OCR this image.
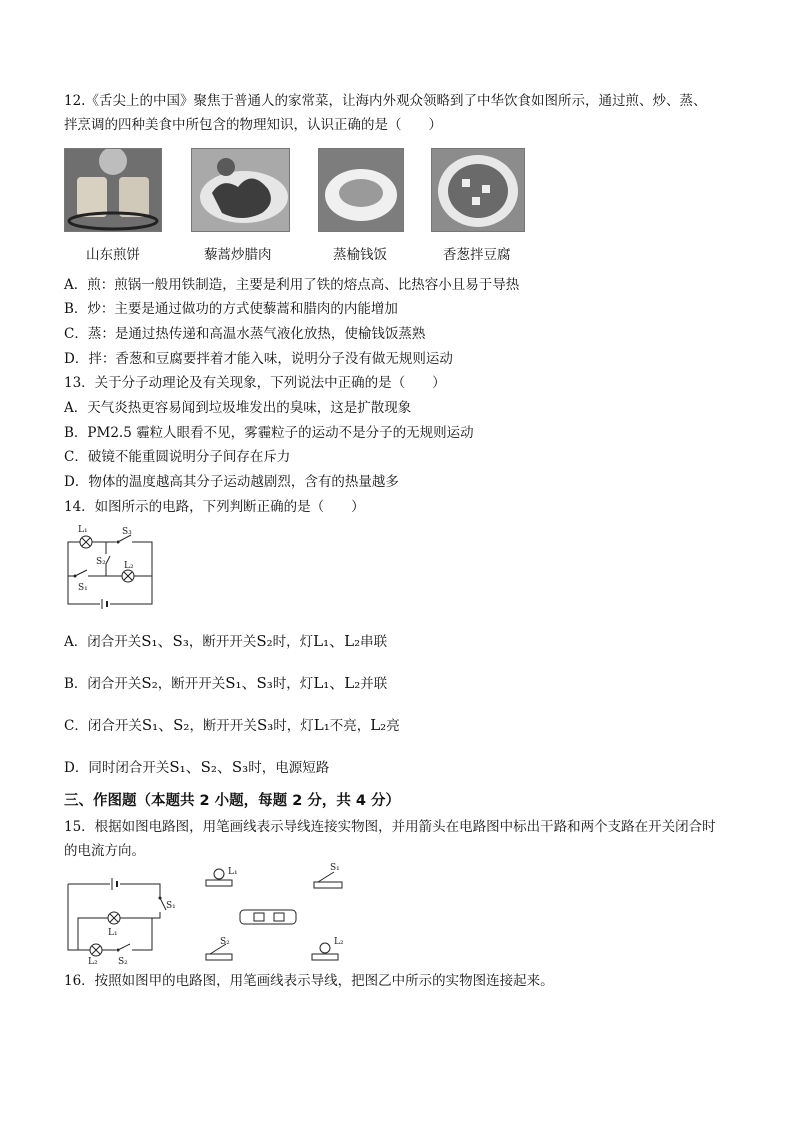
12.《舌尖上的中国》聚焦于普通人的家常菜，让海内外观众领略到了中华饮食如图所示，通过煎、炒、蒸、
拌烹调的四种美食中所包含的物理知识，认识正确的是（　　）
山东煎饼	藜蒿炒腊肉	蒸榆钱饭	香葱拌豆腐
A．煎：煎锅一般用铁制造，主要是利用了铁的熔点高、比热容小且易于导热
B．炒：主要是通过做功的方式使藜蒿和腊肉的内能增加
C．蒸：是通过热传递和高温水蒸气液化放热，使榆钱饭蒸熟
D．拌：香葱和豆腐要拌着才能入味，说明分子没有做无规则运动
13．关于分子动理论及有关现象，下列说法中正确的是（　　）
A．天气炎热更容易闻到垃圾堆发出的臭味，这是扩散现象
B．PM2.5 霾粒人眼看不见，雾霾粒子的运动不是分子的无规则运动
C．破镜不能重圆说明分子间存在斥力
D．物体的温度越高其分子运动越剧烈，含有的热量越多
14．如图所示的电路，下列判断正确的是（　　）
L₁	S₃
S₂ L₂
S₁
A．闭合开关S₁、S₃，断开开关S₂时，灯L₁、L₂串联
B．闭合开关S₂，断开开关S₁、S₃时，灯L₁、L₂并联
C．闭合开关S₁、S₂，断开开关S₃时，灯L₁不亮，L₂亮
D．同时闭合开关S₁、S₂、S₃时，电源短路
三、作图题（本题共 2 小题，每题 2 分，共 4 分）
15．根据如图电路图，用笔画线表示导线连接实物图，并用箭头在电路图中标出干路和两个支路在开关闭合时
的电流方向。
S₁
L₁
L₂ S₂
L₁
S₂
S₁
L₂
16．按照如图甲的电路图，用笔画线表示导线，把图乙中所示的实物图连接起来。
